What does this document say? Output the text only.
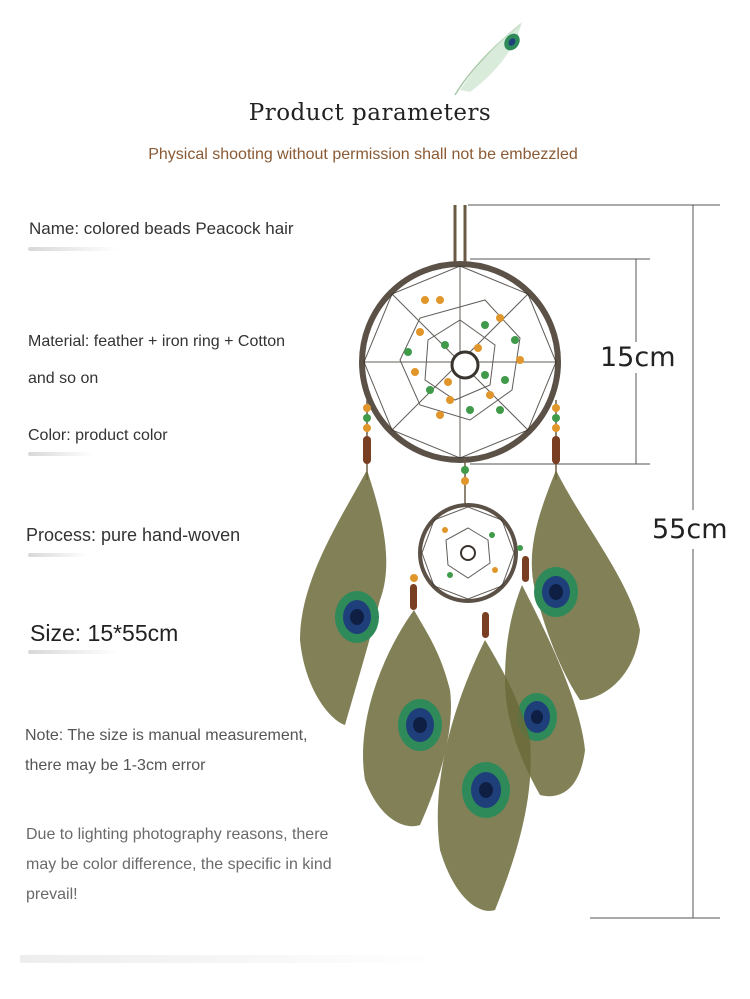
Product parameters
Physical shooting without permission shall not be embezzled
Name: colored beads Peacock hair
Material: feather + iron ring + Cotton
and so on
Color: product color
Process: pure hand-woven
Size: 15*55cm
Note: The size is manual measurement,
there may be 1-3cm error
Due to lighting photography reasons, there
may be color difference, the specific in kind
prevail!
15cm
55cm
